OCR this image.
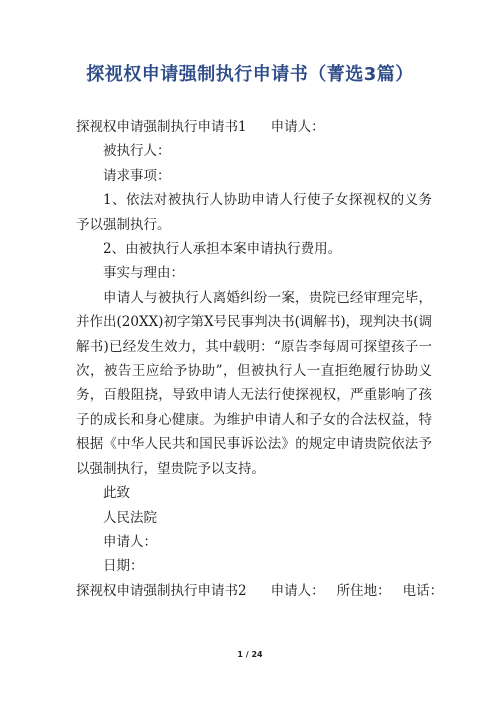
探视权申请强制执行申请书（菁选3篇）

探视权申请强制执行申请书1 申请人：

被执行人：

请求事项：

1、依法对被执行人协助申请人行使子女探视权的义务予以强制执行。

2、由被执行人承担本案申请执行费用。

事实与理由：

申请人与被执行人离婚纠纷一案，贵院已经审理完毕，并作出(20XX)初字第X号民事判决书(调解书)，现判决书(调解书)已经发生效力，其中载明：“原告李每周可探望孩子一次，被告王应给予协助”，但被执行人一直拒绝履行协助义务，百般阻挠，导致申请人无法行使探视权，严重影响了孩子的成长和身心健康。为维护申请人和子女的合法权益，特根据《中华人民共和国民事诉讼法》的规定申请贵院依法予以强制执行，望贵院予以支持。

此致

人民法院

申请人：

日期：

探视权申请强制执行申请书2 申请人： 所住地： 电话：

1 / 24
